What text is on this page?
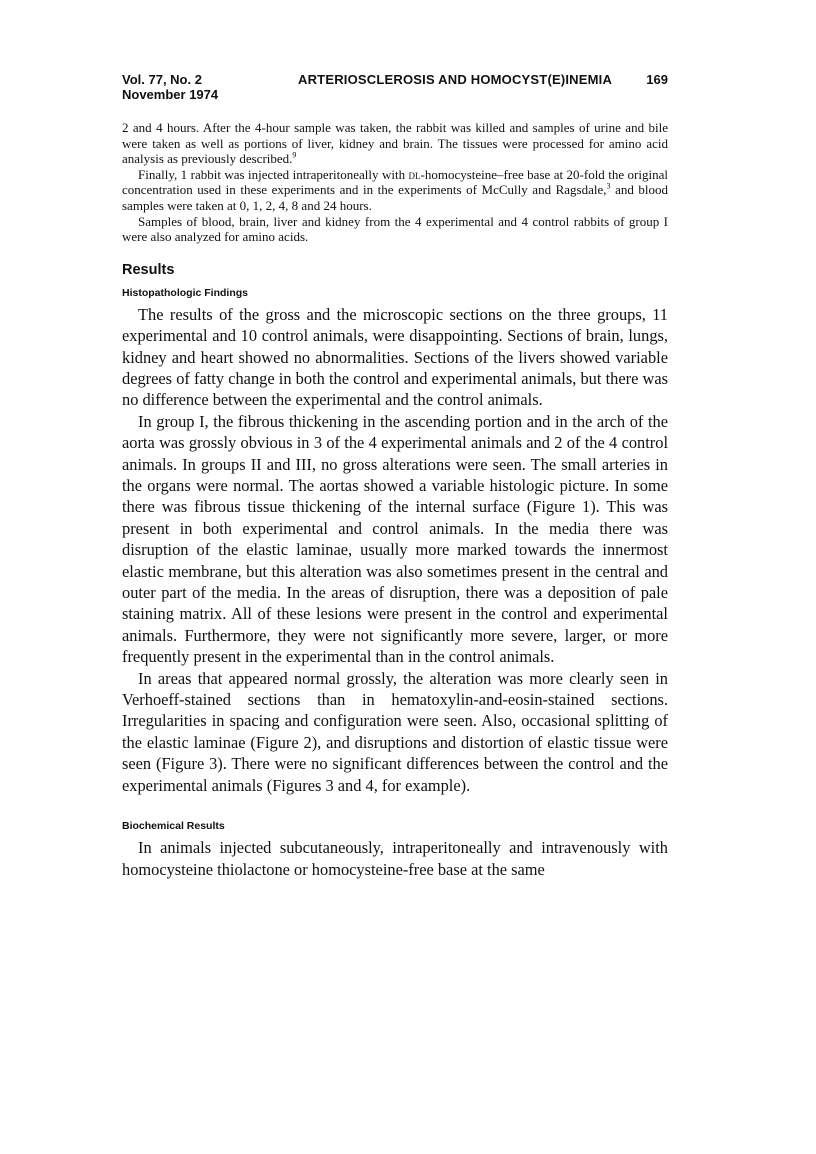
Vol. 77, No. 2
November 1974
ARTERIOSCLEROSIS AND HOMOCYST(E)INEMIA	169

2 and 4 hours. After the 4-hour sample was taken, the rabbit was killed and samples of urine and bile were taken as well as portions of liver, kidney and brain. The tissues were processed for amino acid analysis as previously described.$^9$

Finally, 1 rabbit was injected intraperitoneally with dl-homocysteine–free base at 20-fold the original concentration used in these experiments and in the experiments of McCully and Ragsdale,$^3$ and blood samples were taken at 0, 1, 2, 4, 8 and 24 hours.

Samples of blood, brain, liver and kidney from the 4 experimental and 4 control rabbits of group I were also analyzed for amino acids.

Results
Histopathologic Findings

The results of the gross and the microscopic sections on the three groups, 11 experimental and 10 control animals, were disappointing. Sections of brain, lungs, kidney and heart showed no abnormalities. Sections of the livers showed variable degrees of fatty change in both the control and experimental animals, but there was no difference between the experimental and the control animals.

In group I, the fibrous thickening in the ascending portion and in the arch of the aorta was grossly obvious in 3 of the 4 experimental animals and 2 of the 4 control animals. In groups II and III, no gross alterations were seen. The small arteries in the organs were normal. The aortas showed a variable histologic picture. In some there was fibrous tissue thickening of the internal surface (Figure 1). This was present in both experimental and control animals. In the media there was disruption of the elastic laminae, usually more marked towards the innermost elastic membrane, but this alteration was also sometimes present in the central and outer part of the media. In the areas of disruption, there was a deposition of pale staining matrix. All of these lesions were present in the control and experimental animals. Furthermore, they were not significantly more severe, larger, or more frequently present in the experimental than in the control animals.

In areas that appeared normal grossly, the alteration was more clearly seen in Verhoeff-stained sections than in hematoxylin-and-eosin-stained sections. Irregularities in spacing and configuration were seen. Also, occasional splitting of the elastic laminae (Figure 2), and disruptions and distortion of elastic tissue were seen (Figure 3). There were no significant differences between the control and the experimental animals (Figures 3 and 4, for example).

Biochemical Results

In animals injected subcutaneously, intraperitoneally and intravenously with homocysteine thiolactone or homocysteine-free base at the same
